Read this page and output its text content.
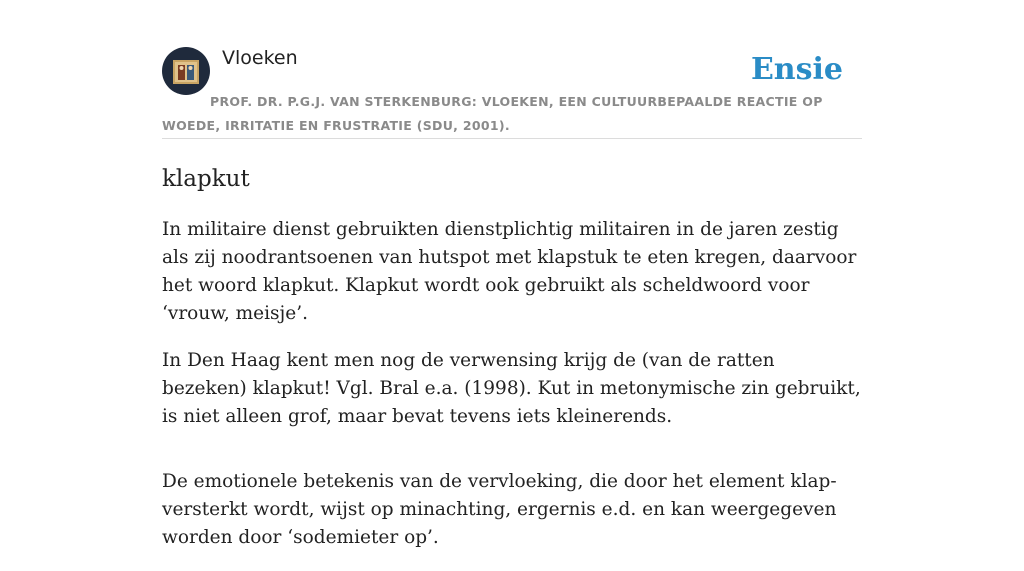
Vloeken	Ensie
PROF. DR. P.G.J. VAN STERKENBURG: VLOEKEN, EEN CULTUURBEPAALDE REACTIE OP WOEDE, IRRITATIE EN FRUSTRATIE (SDU, 2001).
klapkut

In militaire dienst gebruikten dienstplichtig militairen in de jaren zestig als zij noodrantsoenen van hutspot met klapstuk te eten kregen, daarvoor het woord klapkut. Klapkut wordt ook gebruikt als scheldwoord voor ‘vrouw, meisje’.

In Den Haag kent men nog de verwensing krijg de (van de ratten bezeken) klapkut! Vgl. Bral e.a. (1998). Kut in metonymische zin gebruikt, is niet alleen grof, maar bevat tevens iets kleinerends.

De emotionele betekenis van de vervloeking, die door het element klap- versterkt wordt, wijst op minachting, ergernis e.d. en kan weergegeven worden door ‘sodemieter op’.
